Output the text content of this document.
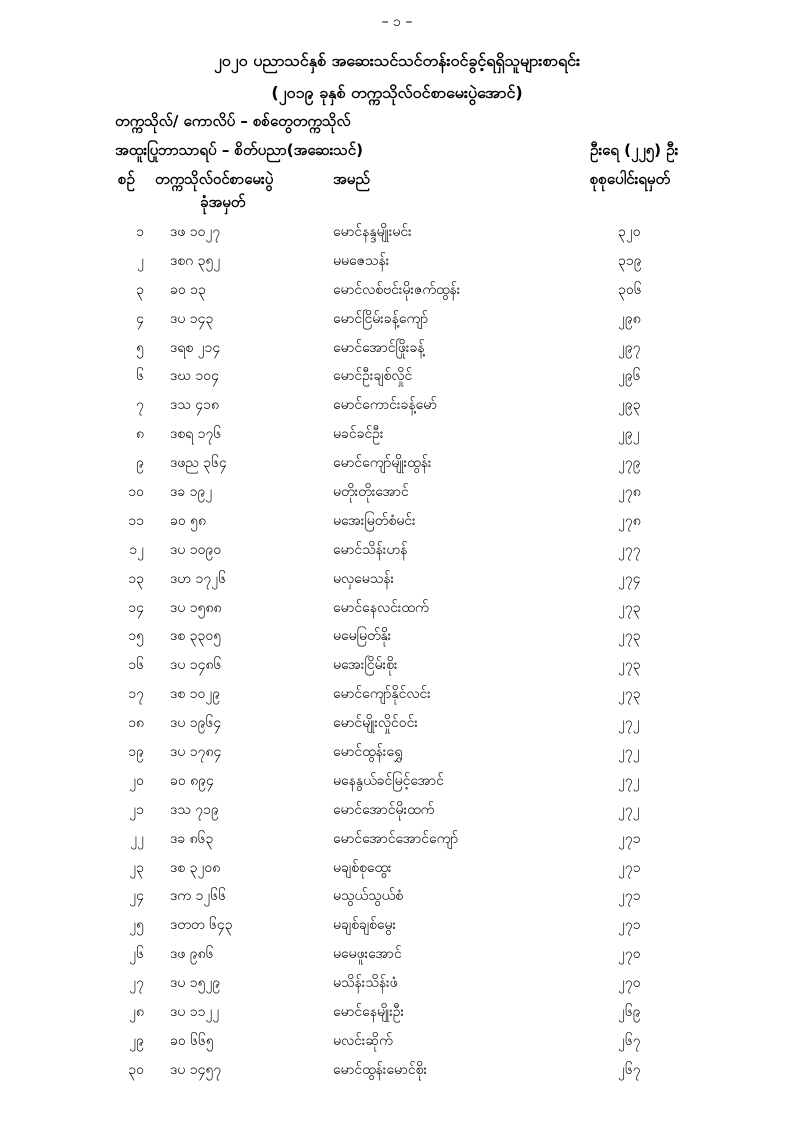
– ၁ –
၂၀၂၀ ပညာသင်နှစ် အဆေးသင်သင်တန်းဝင်ခွင့်ရရှိသူများစာရင်း
(၂၀၁၉ ခုနှစ် တက္ကသိုလ်ဝင်စာမေးပွဲအောင်)
တက္ကသိုလ်/ ကောလိပ် – စစ်တွေတက္ကသိုလ်
အထူးပြုဘာသာရပ် – စိတ်ပညာ(အဆေးသင်)	ဦးရေ (၂၂၅) ဦး
စဉ် တက္ကသိုလ်ဝင်စာမေးပွဲ
ခုံအမှတ်
အမည်	စုစုပေါင်းရမှတ်
၁ ဒဖ ၁၀၂၇	မောင်နန္ဒမျိုးမင်း	၃၂၀
၂ ဒစဂ ၃၅၂	မမဇေသန်း	၃၁၉
၃ ခဝ ၁၃	မောင်လစ်ဗင်းမိုးဇက်ထွန်း	၃၀၆
၄ ဒပ ၁၄၃	မောင်ငြိမ်းခန့်ကျော်	၂၉၈
၅ ဒရစ ၂၁၄	မောင်အောင်ဖြိုးခန့်	၂၉၇
၆ ဒဃ ၁၀၄	မောင်ဦးချစ်လှိုင်	၂၉၆
၇ ဒသ ၄၁၈	မောင်ကောင်းခန့်မော်	၂၉၃
၈ ဒစရ ၁၇၆	မခင်ခင်ဦး	၂၉၂
၉ ဒဖည ၃၆၄	မောင်ကျော်မျိုးထွန်း	၂၇၉
၁၀ ဒခ ၁၉၂	မတိုးတိုးအောင်	၂၇၈
၁၁ ခဝ ၅၈	မအေးမြတ်စံမင်း	၂၇၈
၁၂ ဒပ ၁၀၉၀	မောင်သိန်းဟန်	၂၇၇
၁၃ ဒဟ ၁၇၂၆	မလှမေသန်း	၂၇၄
၁၄ ဒပ ၁၅၈၈	မောင်နေလင်းထက်	၂၇၃
၁၅ ဒစ ၃၃၀၅	မမေမြတ်နိုး	၂၇၃
၁၆ ဒပ ၁၄၈၆	မအေးငြိမ်းစိုး	၂၇၃
၁၇ ဒစ ၁၀၂၉	မောင်ကျော်နိုင်လင်း	၂၇၃
၁၈ ဒပ ၁၉၆၄	မောင်မျိုးလှိုင်ဝင်း	၂၇၂
၁၉ ဒပ ၁၇၈၄	မောင်ထွန်းရွှေ	၂၇၂
၂၀ ခဝ ၈၉၄	မနေနွယ်ခင်မြင့်အောင်	၂၇၂
၂၁ ဒသ ၇၁၉	မောင်အောင်မိုးထက်	၂၇၂
၂၂ ဒခ ၈၆၃	မောင်အောင်အောင်ကျော်	၂၇၁
၂၃ ဒစ ၃၂၀၈	မချစ်စုထွေး	၂၇၁
၂၄ ဒက ၁၂၆၆	မသွယ်သွယ်စံ	၂၇၁
၂၅ ဒတတ ၆၄၃	မချစ်ချစ်မွေး	၂၇၁
၂၆ ဒဖ ၉၈၆	မမေဖူးအောင်	၂၇၀
၂၇ ဒပ ၁၅၂၉	မသိန်းသိန်းဖံ	၂၇၀
၂၈ ဒပ ၁၁၂၂	မောင်နေမျိုးဦး	၂၆၉
၂၉ ခဝ ၆၆၅	မလင်းဆိုက်	၂၆၇
၃၀ ဒပ ၁၄၅၇	မောင်ထွန်းမောင်စိုး	၂၆၇
